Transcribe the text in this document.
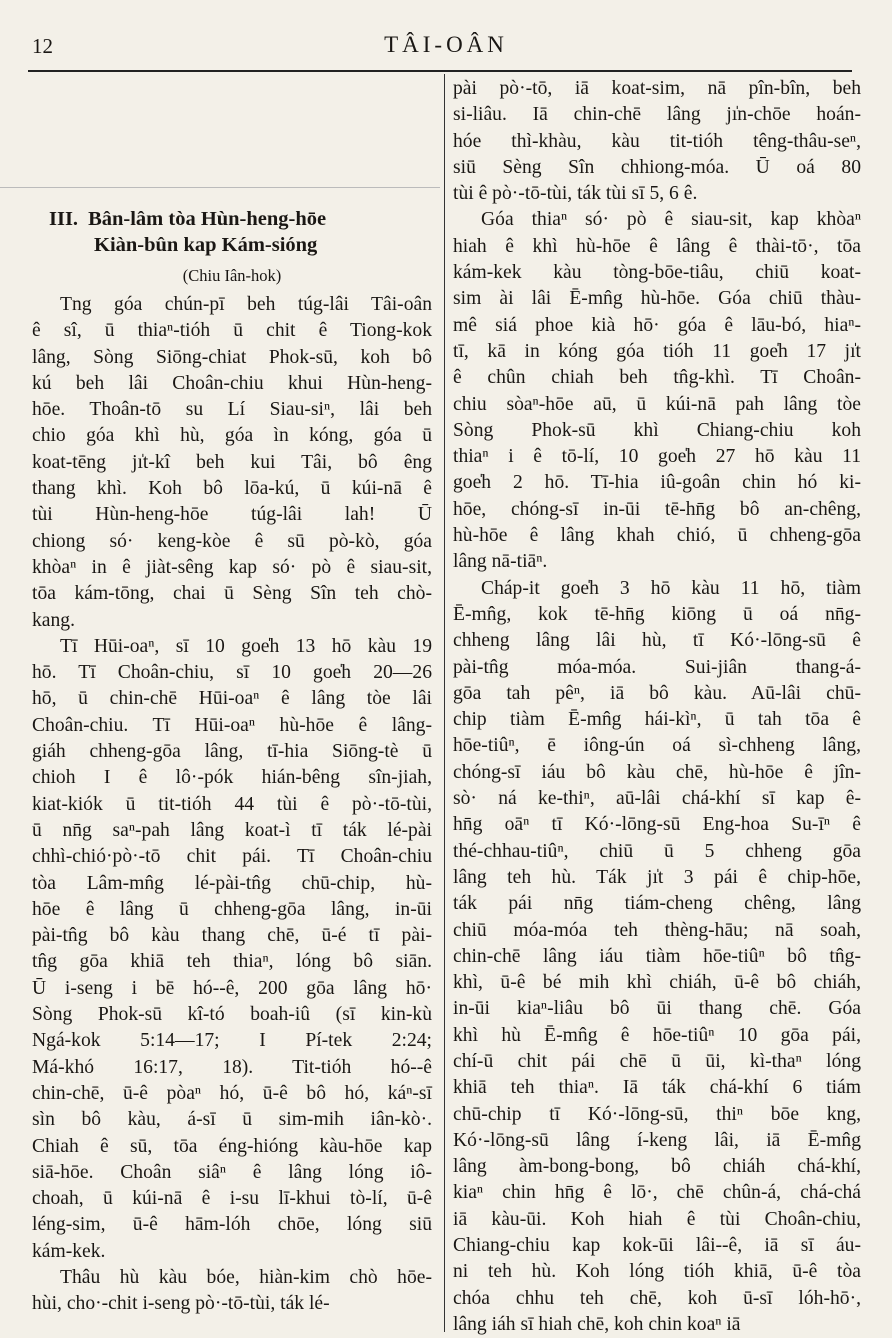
12	TÂI-OÂN
III. Bân-lâm tòa Hùn-heng-hōe
Kiàn-bûn kap Kám-sióng
(Chiu Iân-hok)

Tng góa chún-pī beh túg-lâi Tâi-oân
ê sî, ū thiaⁿ-tióh ū chit ê Tiong-kok
lâng, Sòng Siōng-chiat Phok-sū, koh bô
kú beh lâi Choân-chiu khui Hùn-heng-
hōe. Thoân-tō su Lí Siau-siⁿ, lâi beh
chio góa khì hù, góa ìn kóng, góa ū
koat-tēng jı̍t-kî beh kui Tâi, bô êng
thang khì. Koh bô lōa-kú, ū kúi-nā ê
tùi Hùn-heng-hōe túg-lâi lah! Ū
chiong só· keng-kòe ê sū pò-kò, góa
khòaⁿ in ê jiàt-sêng kap só· pò ê siau-sit,
tōa kám-tōng, chai ū Sèng Sîn teh chò-
kang.

Tī Hūi-oaⁿ, sī 10 goe̍h 13 hō kàu 19
hō. Tī Choân-chiu, sī 10 goe̍h 20—26
hō, ū chin-chē Hūi-oaⁿ ê lâng tòe lâi
Choân-chiu. Tī Hūi-oaⁿ hù-hōe ê lâng-
giáh chheng-gōa lâng, tī-hia Siōng-tè ū
chioh I ê lô·-pók hián-bêng sîn-jiah,
kiat-kiók ū tit-tióh 44 tùi ê pò·-tō-tùi,
ū nn̄g saⁿ-pah lâng koat-ì tī ták lé-pài
chhì-chió·pò·-tō chit pái. Tī Choân-chiu
tòa Lâm-mn̂g lé-pài-tn̂g chū-chip, hù-
hōe ê lâng ū chheng-gōa lâng, in-ūi
pài-tn̂g bô kàu thang chē, ū-é tī pài-
tn̂g gōa khiā teh thiaⁿ, lóng bô siān.
Ū i-seng i bē hó--ê, 200 gōa lâng hō·
Sòng Phok-sū kî-tó boah-iû (sī kin-kù
Ngá-kok 5:14—17; I Pí-tek 2:24;
Má-khó 16:17, 18). Tit-tióh hó--ê
chin-chē, ū-ê pòaⁿ hó, ū-ê bô hó, káⁿ-sī
sìn bô kàu, á-sī ū sim-mih iân-kò·.
Chiah ê sū, tōa éng-hióng kàu-hōe kap
siā-hōe. Choân siâⁿ ê lâng lóng iô-
choah, ū kúi-nā ê i-su lī-khui tò-lí, ū-ê
léng-sim, ū-ê hām-lóh chōe, lóng siū
kám-kek.

Thâu hù kàu bóe, hiàn-kim chò hōe-
hùi, cho·-chit i-seng pò·-tō-tùi, ták lé-

pài pò·-tō, iā koat-sim, nā pîn-bîn, beh
si-liâu. Iā chin-chē lâng jı̍n-chōe hoán-
hóe thì-khàu, kàu tit-tióh têng-thâu-seⁿ,
siū Sèng Sîn chhiong-móa. Ū oá 80
tùi ê pò·-tō-tùi, ták tùi sī 5, 6 ê.

Góa thiaⁿ só· pò ê siau-sit, kap khòaⁿ
hiah ê khì hù-hōe ê lâng ê thài-tō·, tōa
kám-kek kàu tòng-bōe-tiâu, chiū koat-
sim ài lâi Ē-mn̂g hù-hōe. Góa chiū thàu-
mê siá phoe kià hō· góa ê lāu-bó, hiaⁿ-
tī, kā in kóng góa tióh 11 goe̍h 17 jı̍t
ê chûn chiah beh tn̂g-khì. Tī Choân-
chiu sòaⁿ-hōe aū, ū kúi-nā pah lâng tòe
Sòng Phok-sū khì Chiang-chiu koh
thiaⁿ i ê tō-lí, 10 goe̍h 27 hō kàu 11
goe̍h 2 hō. Tī-hia iû-goân chin hó ki-
hōe, chóng-sī in-ūi tē-hn̄g bô an-chêng,
hù-hōe ê lâng khah chió, ū chheng-gōa
lâng nā-tiāⁿ.

Cháp-it goe̍h 3 hō kàu 11 hō, tiàm
Ē-mn̂g, kok tē-hn̄g kiōng ū oá nn̄g-
chheng lâng lâi hù, tī Kó·-lōng-sū ê
pài-tn̂g móa-móa. Sui-jiân thang-á-
gōa tah pêⁿ, iā bô kàu. Aū-lâi chū-
chip tiàm Ē-mn̂g hái-kìⁿ, ū tah tōa ê
hōe-tiûⁿ, ē iông-ún oá sì-chheng lâng,
chóng-sī iáu bô kàu chē, hù-hōe ê jîn-
sò· ná ke-thiⁿ, aū-lâi chá-khí sī kap ê-
hn̄g oāⁿ tī Kó·-lōng-sū Eng-hoa Su-īⁿ ê
thé-chhau-tiûⁿ, chiū ū 5 chheng gōa
lâng teh hù. Ták jı̍t 3 pái ê chip-hōe,
ták pái nn̄g tiám-cheng chêng, lâng
chiū móa-móa teh thèng-hāu; nā soah,
chin-chē lâng iáu tiàm hōe-tiûⁿ bô tn̂g-
khì, ū-ê bé mih khì chiáh, ū-ê bô chiáh,
in-ūi kiaⁿ-liâu bô ūi thang chē. Góa
khì hù Ē-mn̂g ê hōe-tiûⁿ 10 gōa pái,
chí-ū chit pái chē ū ūi, kì-thaⁿ lóng
khiā teh thiaⁿ. Iā ták chá-khí 6 tiám
chū-chip tī Kó·-lōng-sū, thiⁿ bōe kng,
Kó·-lōng-sū lâng í-keng lâi, iā Ē-mn̂g
lâng àm-bong-bong, bô chiáh chá-khí,
kiaⁿ chin hn̄g ê lō·, chē chûn-á, chá-chá
iā kàu-ūi. Koh hiah ê tùi Choân-chiu,
Chiang-chiu kap kok-ūi lâi--ê, iā sī áu-
ni teh hù. Koh lóng tióh khiā, ū-ê tòa
chóa chhu teh chē, koh ū-sī lóh-hō·,
lâng iáh sī hiah chē, koh chin koaⁿ iā
